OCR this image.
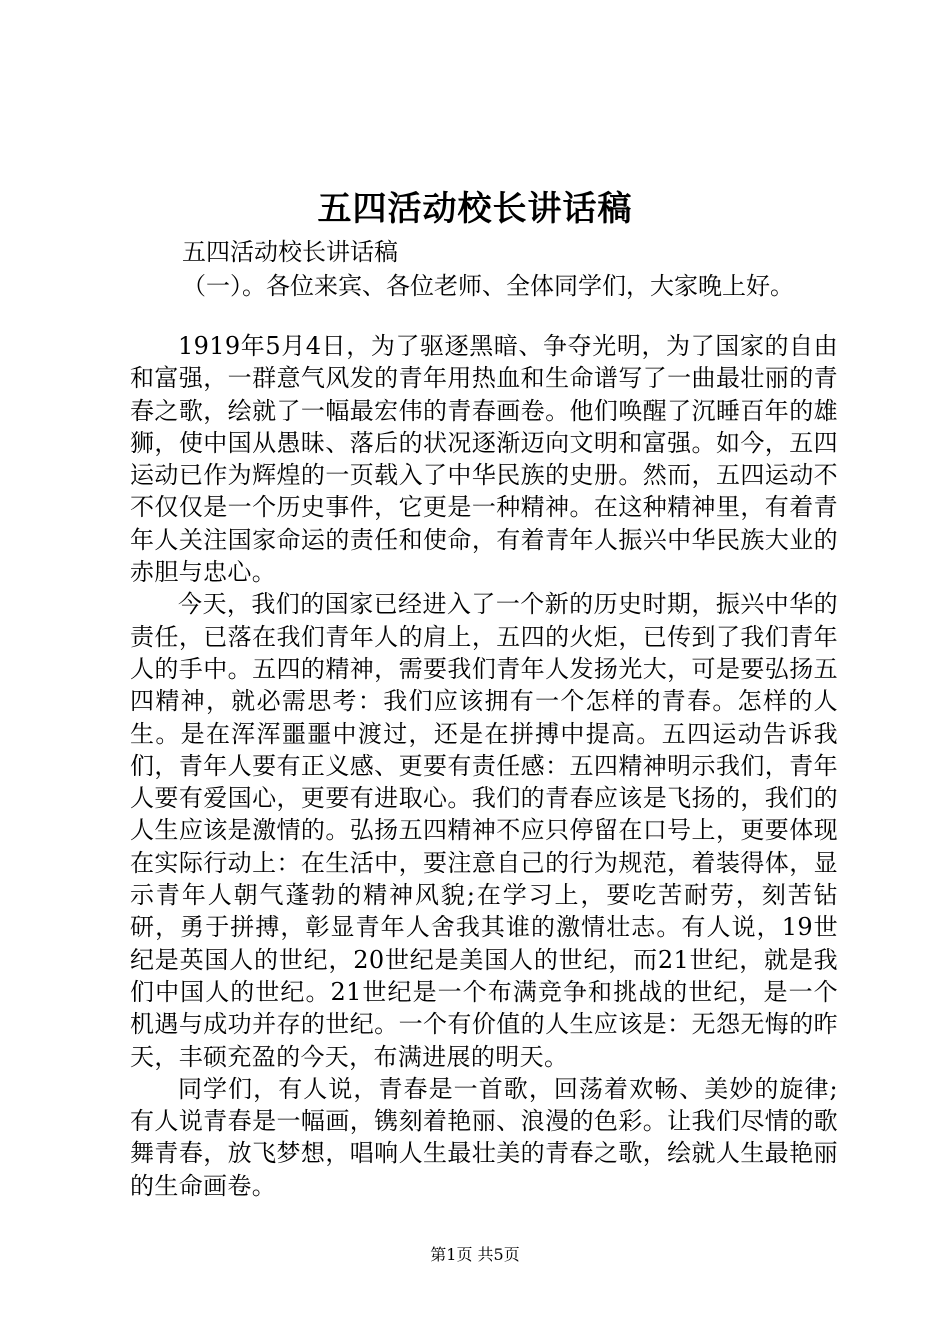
五四活动校长讲话稿
五四活动校长讲话稿
（一）。各位来宾、各位老师、全体同学们，大家晚上好。

1919年5月4日，为了驱逐黑暗、争夺光明，为了国家的自由和富强，一群意气风发的青年用热血和生命谱写了一曲最壮丽的青春之歌，绘就了一幅最宏伟的青春画卷。他们唤醒了沉睡百年的雄狮，使中国从愚昧、落后的状况逐渐迈向文明和富强。如今，五四运动已作为辉煌的一页载入了中华民族的史册。然而，五四运动不不仅仅是一个历史事件，它更是一种精神。在这种精神里，有着青年人关注国家命运的责任和使命，有着青年人振兴中华民族大业的赤胆与忠心。

今天，我们的国家已经进入了一个新的历史时期，振兴中华的责任，已落在我们青年人的肩上，五四的火炬，已传到了我们青年人的手中。五四的精神，需要我们青年人发扬光大，可是要弘扬五四精神，就必需思考：我们应该拥有一个怎样的青春。怎样的人生。是在浑浑噩噩中渡过，还是在拼搏中提高。五四运动告诉我们，青年人要有正义感、更要有责任感：五四精神明示我们，青年人要有爱国心，更要有进取心。我们的青春应该是飞扬的，我们的人生应该是激情的。弘扬五四精神不应只停留在口号上，更要体现在实际行动上：在生活中，要注意自己的行为规范，着装得体，显示青年人朝气蓬勃的精神风貌;在学习上，要吃苦耐劳，刻苦钻研，勇于拼搏，彰显青年人舍我其谁的激情壮志。有人说，19世纪是英国人的世纪，20世纪是美国人的世纪，而21世纪，就是我们中国人的世纪。21世纪是一个布满竞争和挑战的世纪，是一个机遇与成功并存的世纪。一个有价值的人生应该是：无怨无悔的昨天，丰硕充盈的今天，布满进展的明天。

同学们，有人说，青春是一首歌，回荡着欢畅、美妙的旋律;有人说青春是一幅画，镌刻着艳丽、浪漫的色彩。让我们尽情的歌舞青春，放飞梦想，唱响人生最壮美的青春之歌，绘就人生最艳丽的生命画卷。

第1页 共5页
